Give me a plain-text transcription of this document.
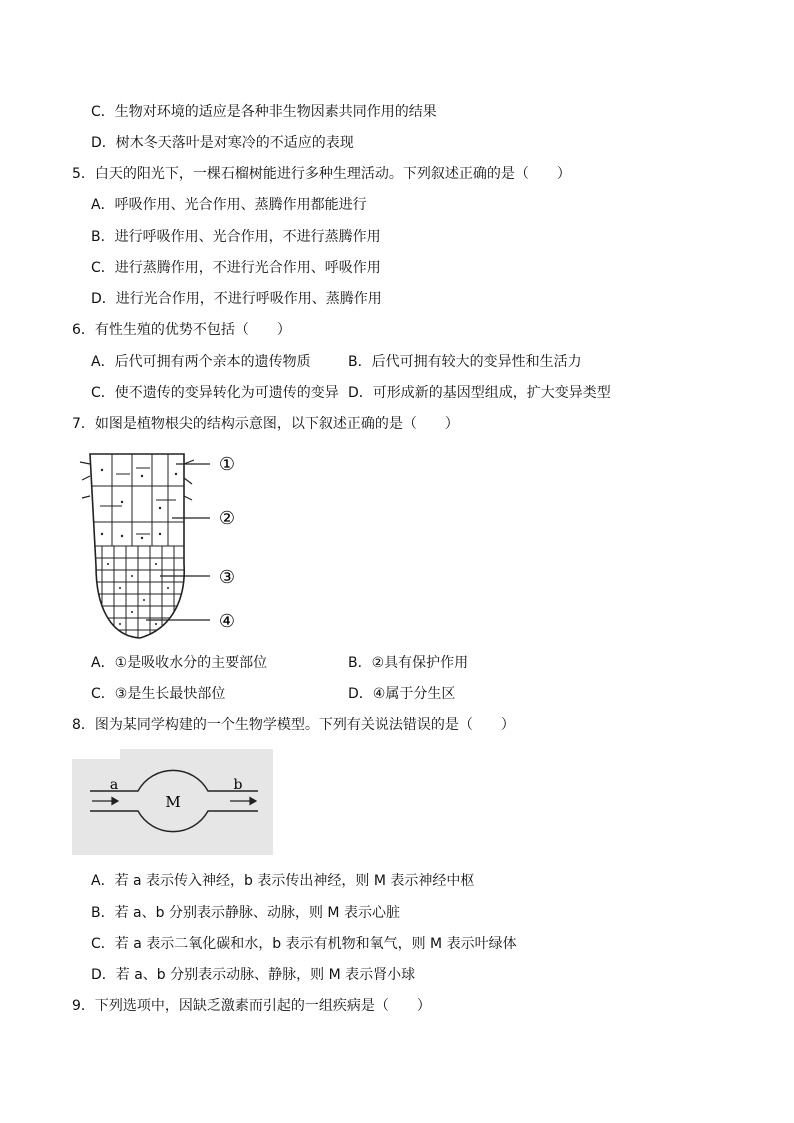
C．生物对环境的适应是各种非生物因素共同作用的结果
D．树木冬天落叶是对寒冷的不适应的表现
5．白天的阳光下，一棵石榴树能进行多种生理活动。下列叙述正确的是（　　）
A．呼吸作用、光合作用、蒸腾作用都能进行
B．进行呼吸作用、光合作用，不进行蒸腾作用
C．进行蒸腾作用，不进行光合作用、呼吸作用
D．进行光合作用，不进行呼吸作用、蒸腾作用
6．有性生殖的优势不包括（　　）
A．后代可拥有两个亲本的遗传物质	B．后代可拥有较大的变异性和生活力
C．使不遗传的变异转化为可遗传的变异 D．可形成新的基因型组成，扩大变异类型
7．如图是植物根尖的结构示意图，以下叙述正确的是（　　）
①
②
③
④
A．①是吸收水分的主要部位	B．②具有保护作用
C．③是生长最快部位	D．④属于分生区
8．图为某同学构建的一个生物学模型。下列有关说法错误的是（　　）
a
M
b
A．若 a 表示传入神经，b 表示传出神经，则 M 表示神经中枢
B．若 a、b 分别表示静脉、动脉，则 M 表示心脏
C．若 a 表示二氧化碳和水，b 表示有机物和氧气，则 M 表示叶绿体
D．若 a、b 分别表示动脉、静脉，则 M 表示肾小球
9．下列选项中，因缺乏激素而引起的一组疾病是（　　）
